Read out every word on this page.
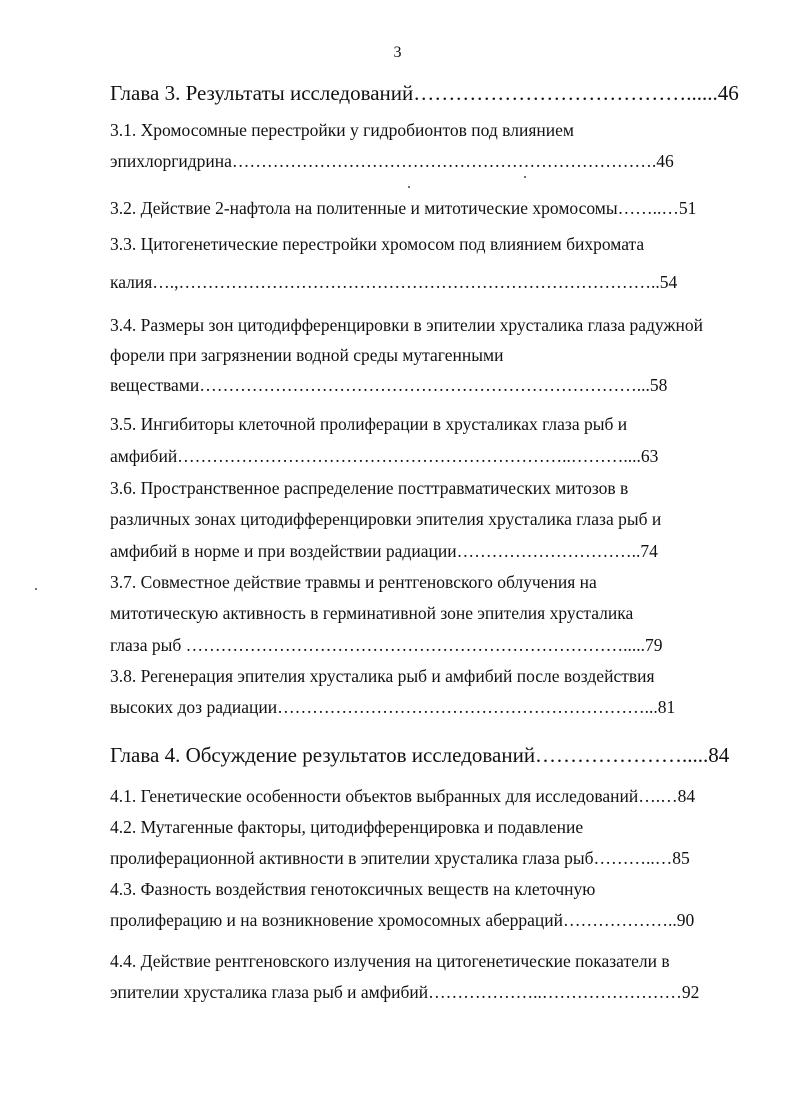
3
Глава 3. Результаты исследований…………………………………......46
3.1. Хромосомные перестройки у гидробионтов под влиянием
эпихлоргидрина……………………………………………………………….46
3.2. Действие 2-нафтола на политенные и митотические хромосомы……..…51
3.3. Цитогенетические перестройки хромосом под влиянием бихромата
калия….,………………………………………………………………………..54
3.4. Размеры зон цитодифференцировки в эпителии хрусталика глаза радужной
форели при загрязнении водной среды мутагенными
веществами…………………………………………………………………...58
3.5. Ингибиторы клеточной пролиферации в хрусталиках глаза рыб и
амфибий…………………………………………………………..………....63
3.6. Пространственное распределение посттравматических митозов в
различных зонах цитодифференцировки эпителия хрусталика глаза рыб и
амфибий в норме и при воздействии радиации…………………………..74
3.7. Совместное действие травмы и рентгеновского облучения на
митотическую активность в герминативной зоне эпителия хрусталика
глаза рыб ………………………………………………………………….....79
3.8. Регенерация эпителия хрусталика рыб и амфибий после воздействия
высоких доз радиации………………………………………………………...81
Глава 4. Обсуждение результатов исследований………………….....84
4.1. Генетические особенности объектов выбранных для исследований….…84
4.2. Мутагенные факторы, цитодифференцировка и подавление
пролиферационной активности в эпителии хрусталика глаза рыб………..…85
4.3. Фазность воздействия генотоксичных веществ на клеточную
пролиферацию и на возникновение хромосомных аберраций………………..90
4.4. Действие рентгеновского излучения на цитогенетические показатели в
эпителии хрусталика глаза рыб и амфибий………………..……………………92
